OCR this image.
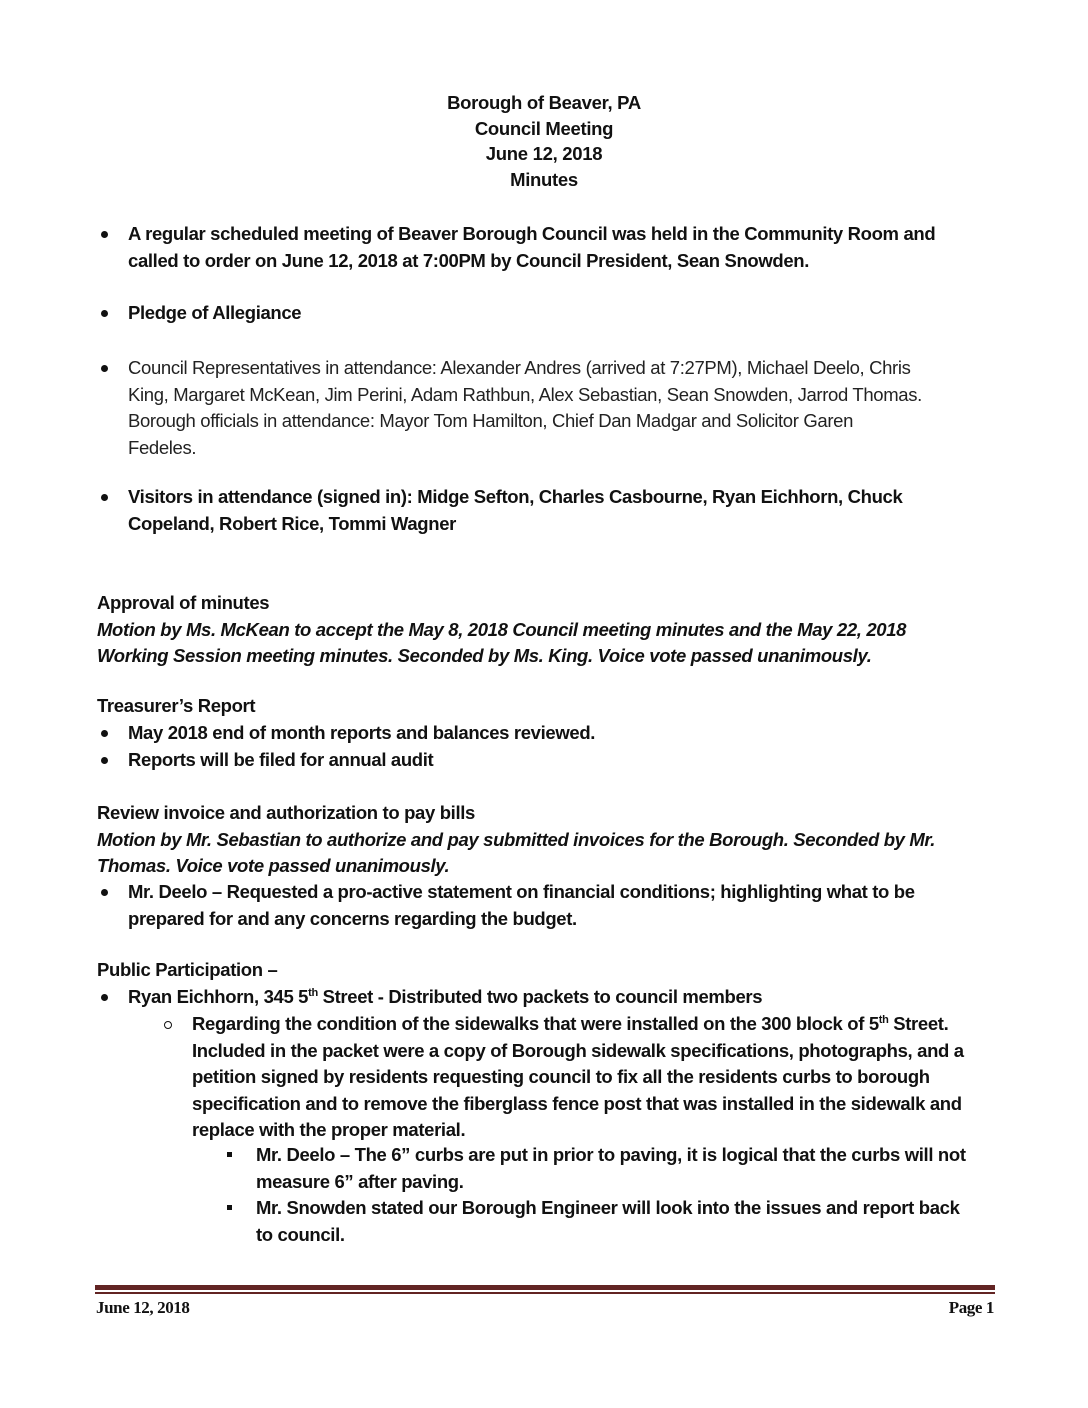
Borough of Beaver, PA
Council Meeting
June 12, 2018
Minutes
A regular scheduled meeting of Beaver Borough Council was held in the Community Room and
called to order on June 12, 2018 at 7:00PM by Council President, Sean Snowden.
Pledge of Allegiance
Council Representatives in attendance: Alexander Andres (arrived at 7:27PM), Michael Deelo, Chris
King, Margaret McKean, Jim Perini, Adam Rathbun, Alex Sebastian, Sean Snowden, Jarrod Thomas.
Borough officials in attendance: Mayor Tom Hamilton, Chief Dan Madgar and Solicitor Garen
Fedeles.
Visitors in attendance (signed in): Midge Sefton, Charles Casbourne, Ryan Eichhorn, Chuck
Copeland, Robert Rice, Tommi Wagner
Approval of minutes
Motion by Ms. McKean to accept the May 8, 2018 Council meeting minutes and the May 22, 2018
Working Session meeting minutes. Seconded by Ms. King. Voice vote passed unanimously.
Treasurer’s Report
May 2018 end of month reports and balances reviewed.
Reports will be filed for annual audit
Review invoice and authorization to pay bills
Motion by Mr. Sebastian to authorize and pay submitted invoices for the Borough. Seconded by Mr.
Thomas. Voice vote passed unanimously.
Mr. Deelo – Requested a pro-active statement on financial conditions; highlighting what to be
prepared for and any concerns regarding the budget.
Public Participation –
Ryan Eichhorn, 345 5th Street - Distributed two packets to council members
Regarding the condition of the sidewalks that were installed on the 300 block of 5th Street.
Included in the packet were a copy of Borough sidewalk specifications, photographs, and a
petition signed by residents requesting council to fix all the residents curbs to borough
specification and to remove the fiberglass fence post that was installed in the sidewalk and
replace with the proper material.
Mr. Deelo – The 6” curbs are put in prior to paving, it is logical that the curbs will not
measure 6” after paving.
Mr. Snowden stated our Borough Engineer will look into the issues and report back
to council.
June 12, 2018	Page 1
